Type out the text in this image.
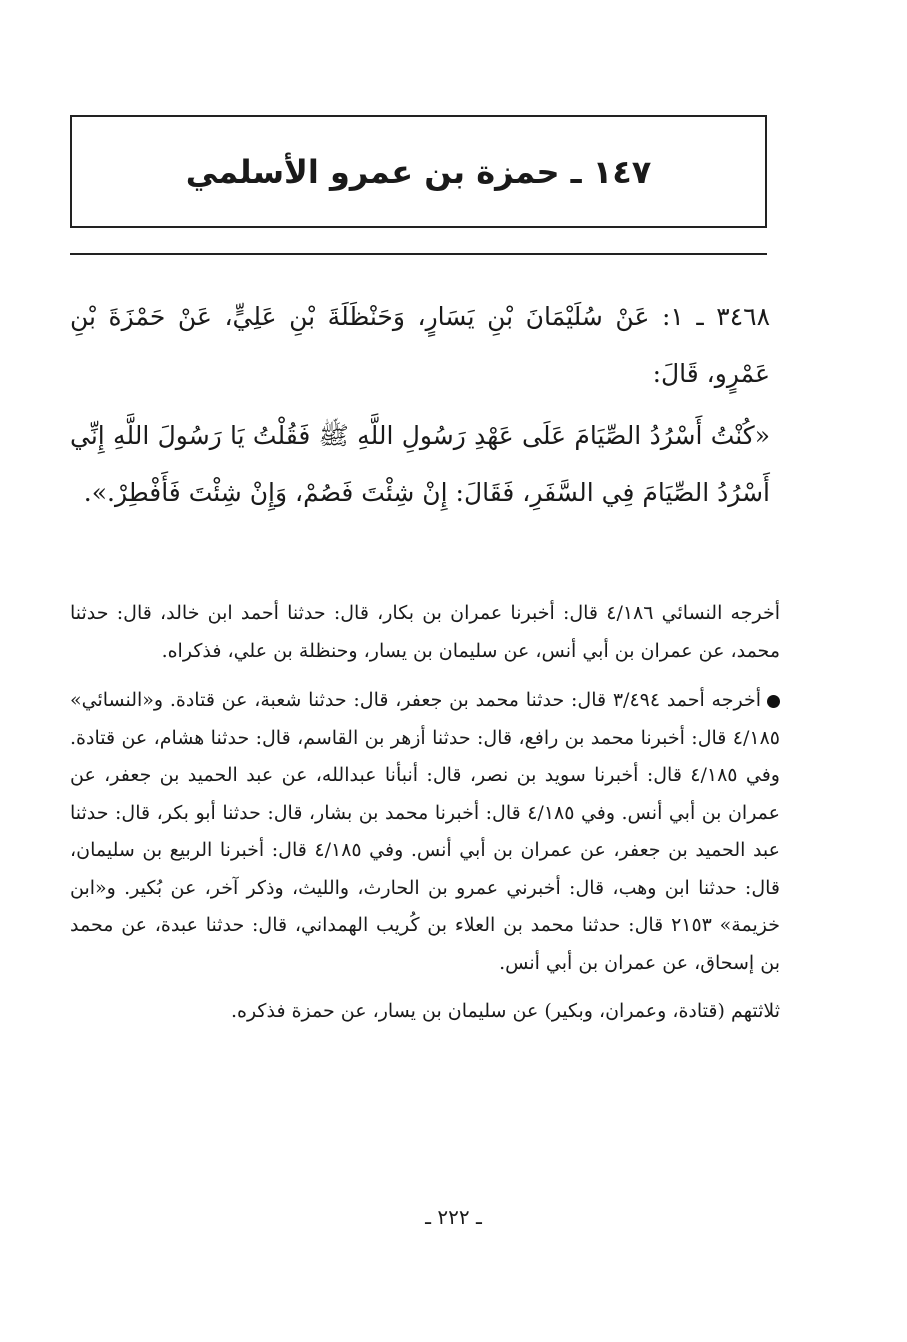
١٤٧ ـ حمزة بن عمرو الأسلمي

٣٤٦٨ ـ ١: عَنْ سُلَيْمَانَ بْنِ يَسَارٍ، وَحَنْظَلَةَ بْنِ عَلِيٍّ، عَنْ حَمْزَةَ بْنِ عَمْرٍو، قَالَ:

«كُنْتُ أَسْرُدُ الصِّيَامَ عَلَى عَهْدِ رَسُولِ اللَّهِ ﷺ فَقُلْتُ يَا رَسُولَ اللَّهِ إِنِّي أَسْرُدُ الصِّيَامَ فِي السَّفَرِ، فَقَالَ: إِنْ شِئْتَ فَصُمْ، وَإِنْ شِئْتَ فَأَفْطِرْ.».

أخرجه النسائي ٤/١٨٦ قال: أخبرنا عمران بن بكار، قال: حدثنا أحمد ابن خالد، قال: حدثنا محمد، عن عمران بن أبي أنس، عن سليمان بن يسار، وحنظلة بن علي، فذكراه.

أخرجه أحمد ٣/٤٩٤ قال: حدثنا محمد بن جعفر، قال: حدثنا شعبة، عن قتادة. و«النسائي» ٤/١٨٥ قال: أخبرنا محمد بن رافع، قال: حدثنا أزهر بن القاسم، قال: حدثنا هشام، عن قتادة. وفي ٤/١٨٥ قال: أخبرنا سويد بن نصر، قال: أنبأنا عبدالله، عن عبد الحميد بن جعفر، عن عمران بن أبي أنس. وفي ٤/١٨٥ قال: أخبرنا محمد بن بشار، قال: حدثنا أبو بكر، قال: حدثنا عبد الحميد بن جعفر، عن عمران بن أبي أنس. وفي ٤/١٨٥ قال: أخبرنا الربيع بن سليمان، قال: حدثنا ابن وهب، قال: أخبرني عمرو بن الحارث، والليث، وذكر آخر، عن بُكير. و«ابن خزيمة» ٢١٥٣ قال: حدثنا محمد بن العلاء بن كُريب الهمداني، قال: حدثنا عبدة، عن محمد بن إسحاق، عن عمران بن أبي أنس.

ثلاثتهم (قتادة، وعمران، وبكير) عن سليمان بن يسار، عن حمزة فذكره.

ـ ٢٢٢ ـ
